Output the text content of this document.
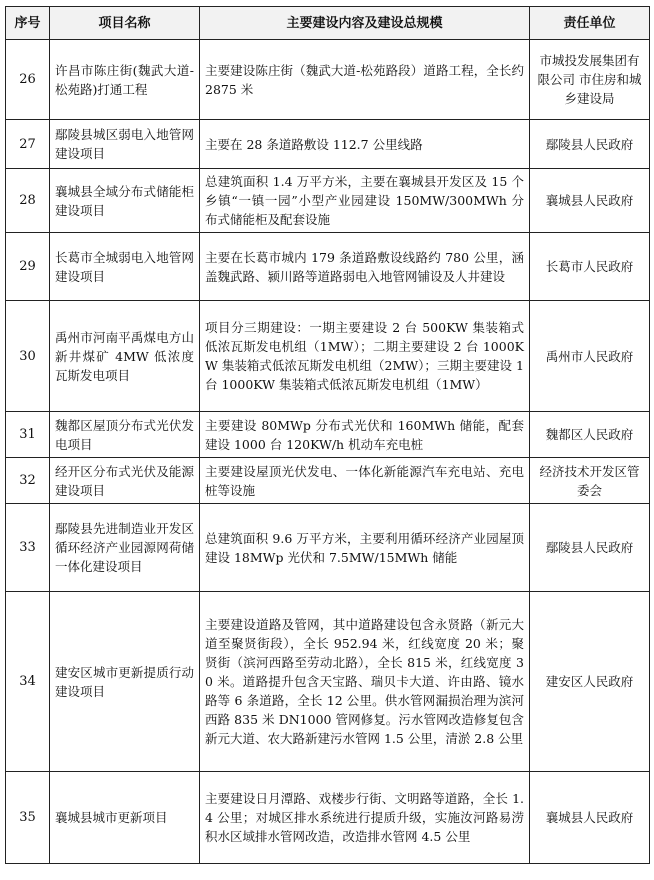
序号	项目名称	主要建设内容及建设总规模	责任单位
26	许昌市陈庄街(魏武大道-松苑路)打通工程	主要建设陈庄街（魏武大道-松苑路段）道路工程，全长约 2875 米	市城投发展集团有限公司 市住房和城乡建设局
27	鄢陵县城区弱电入地管网建设项目	主要在 28 条道路敷设 112.7 公里线路	鄢陵县人民政府
28	襄城县全域分布式储能柜建设项目	总建筑面积 1.4 万平方米，主要在襄城县开发区及 15 个乡镇“一镇一园”小型产业园建设 150MW/300MWh 分布式储能柜及配套设施	襄城县人民政府
29	长葛市全城弱电入地管网建设项目	主要在长葛市城内 179 条道路敷设线路约 780 公里，涵盖魏武路、颍川路等道路弱电入地管网铺设及人井建设	长葛市人民政府
30	禹州市河南平禹煤电方山新井煤矿 4MW 低浓度瓦斯发电项目	项目分三期建设：一期主要建设 2 台 500KW 集装箱式低浓瓦斯发电机组（1MW）；二期主要建设 2 台 1000KW 集装箱式低浓瓦斯发电机组（2MW）；三期主要建设 1 台 1000KW 集装箱式低浓瓦斯发电机组（1MW）	禹州市人民政府
31	魏都区屋顶分布式光伏发电项目	主要建设 80MWp 分布式光伏和 160MWh 储能，配套建设 1000 台 120KW/h 机动车充电桩	魏都区人民政府
32	经开区分布式光伏及能源建设项目	主要建设屋顶光伏发电、一体化新能源汽车充电站、充电桩等设施	经济技术开发区管委会
33	鄢陵县先进制造业开发区循环经济产业园源网荷储一体化建设项目	总建筑面积 9.6 万平方米，主要利用循环经济产业园屋顶建设 18MWp 光伏和 7.5MW/15MWh 储能	鄢陵县人民政府
34	建安区城市更新提质行动建设项目	主要建设道路及管网，其中道路建设包含永贤路（新元大道至聚贤街段），全长 952.94 米，红线宽度 20 米；聚贤街（滨河西路至劳动北路），全长 815 米，红线宽度 30 米。道路提升包含天宝路、瑞贝卡大道、许由路、镜水路等 6 条道路，全长 12 公里。供水管网漏损治理为滨河西路 835 米 DN1000 管网修复。污水管网改造修复包含新元大道、农大路新建污水管网 1.5 公里，清淤 2.8 公里	建安区人民政府
35	襄城县城市更新项目	主要建设日月潭路、戏楼步行街、文明路等道路，全长 1.4 公里；对城区排水系统进行提质升级，实施汝河路易涝积水区域排水管网改造，改造排水管网 4.5 公里	襄城县人民政府
